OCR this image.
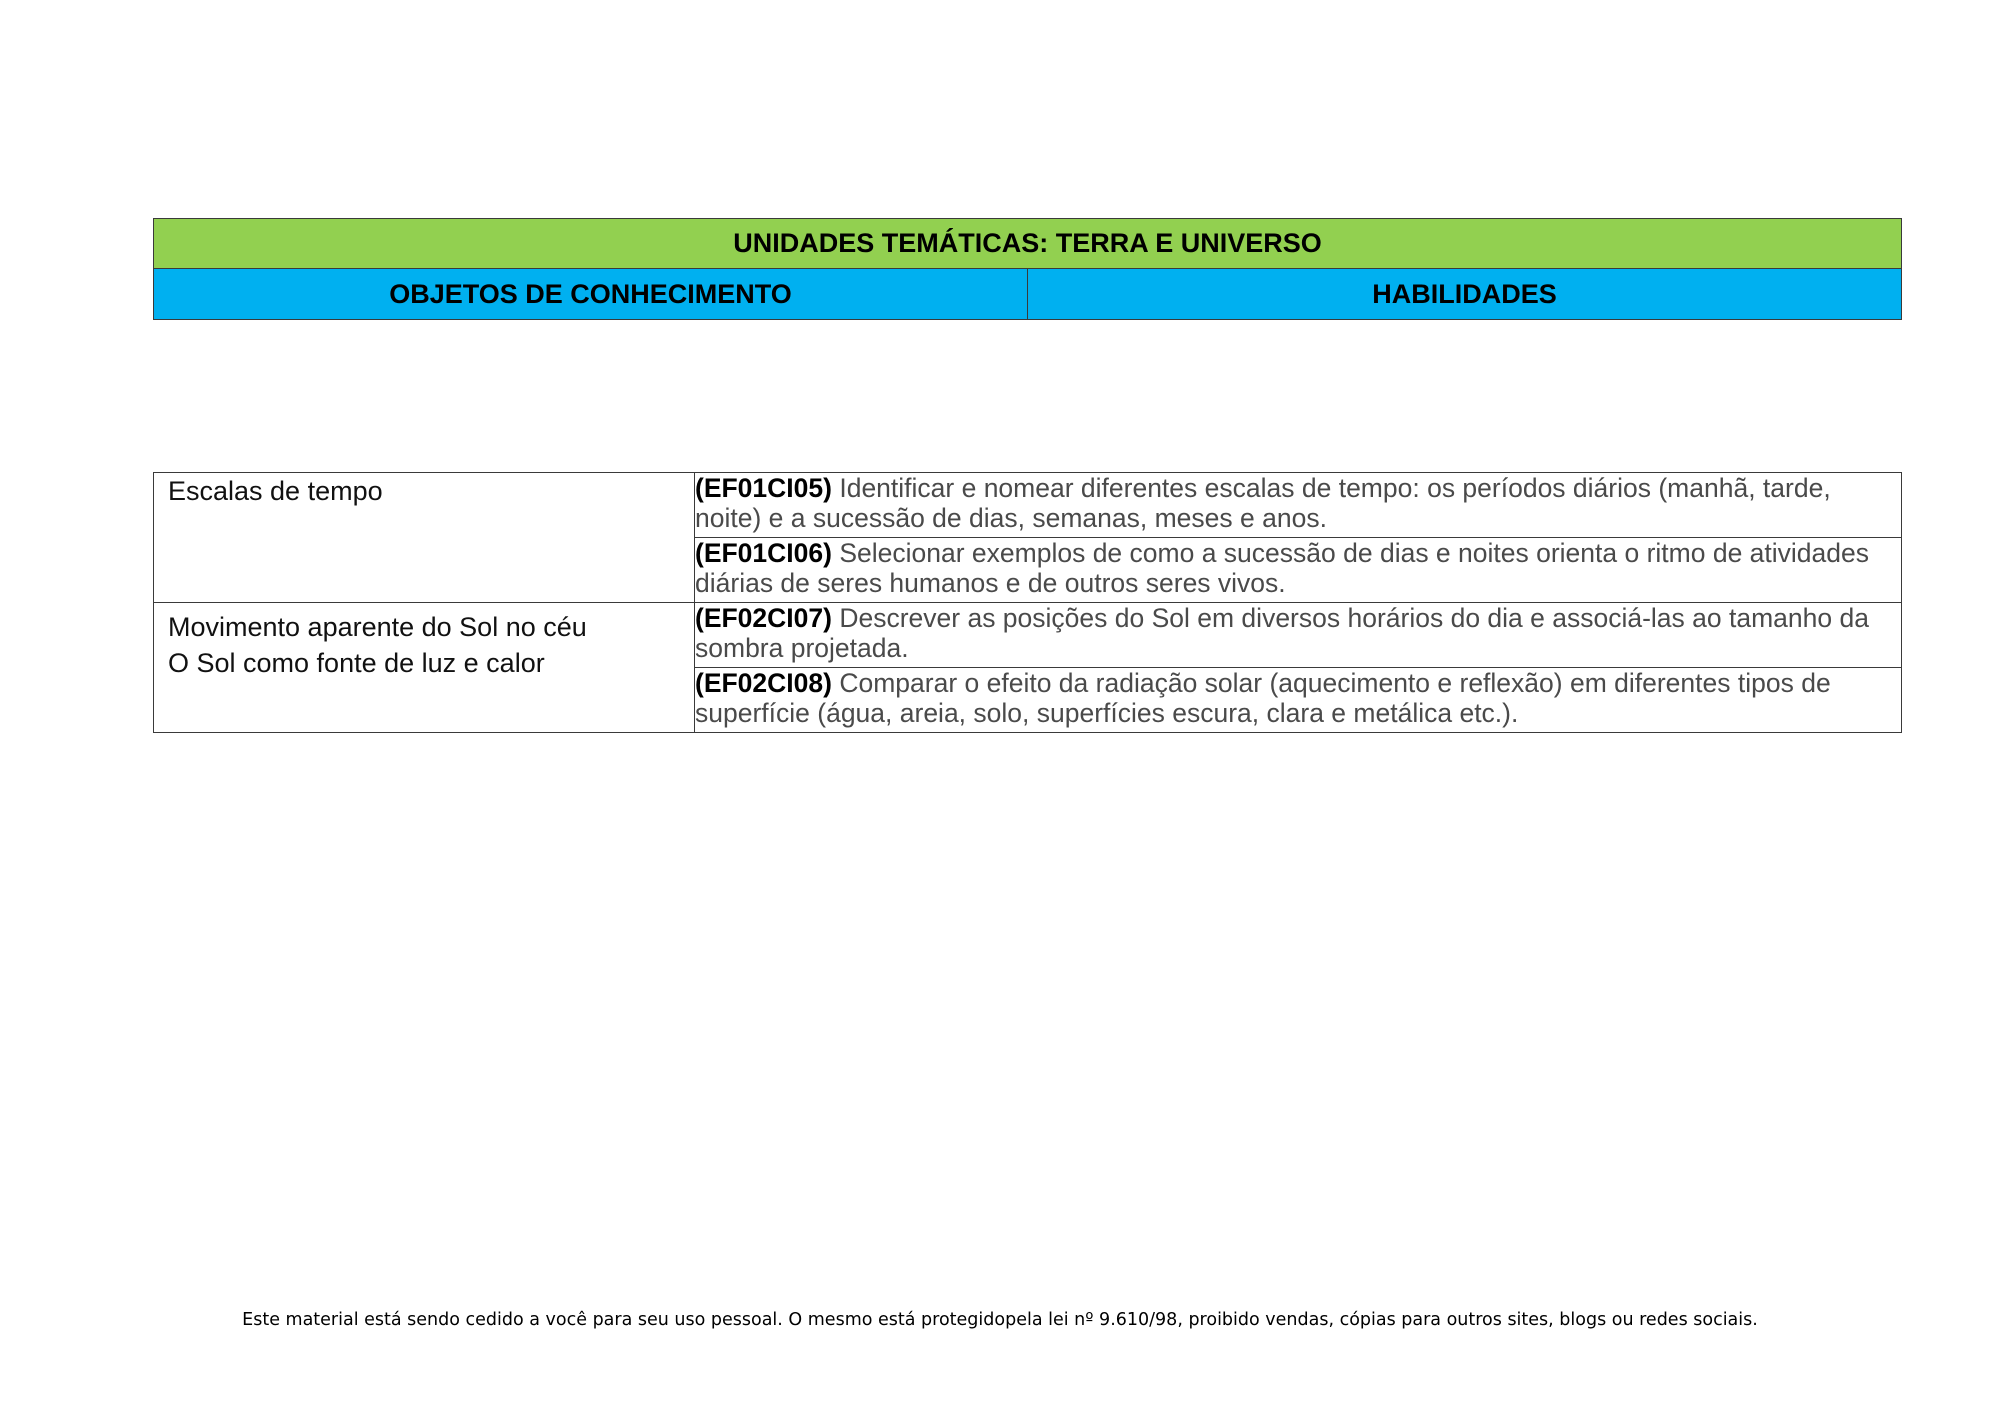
UNIDADES TEMÁTICAS: TERRA E UNIVERSO
OBJETOS DE CONHECIMENTO	HABILIDADES
Escalas de tempo	(EF01CI05) Identificar e nomear diferentes escalas de tempo: os períodos diários (manhã, tarde, noite) e a sucessão de dias, semanas, meses e anos.
	(EF01CI06) Selecionar exemplos de como a sucessão de dias e noites orienta o ritmo de atividades diárias de seres humanos e de outros seres vivos.

Movimento aparente do Sol no céu
O Sol como fonte de luz e calor	(EF02CI07) Descrever as posições do Sol em diversos horários do dia e associá-las ao tamanho da sombra projetada.
	(EF02CI08) Comparar o efeito da radiação solar (aquecimento e reflexão) em diferentes tipos de superfície (água, areia, solo, superfícies escura, clara e metálica etc.).
Este material está sendo cedido a você para seu uso pessoal. O mesmo está protegidopela lei nº 9.610/98, proibido vendas, cópias para outros sites, blogs ou redes sociais.
